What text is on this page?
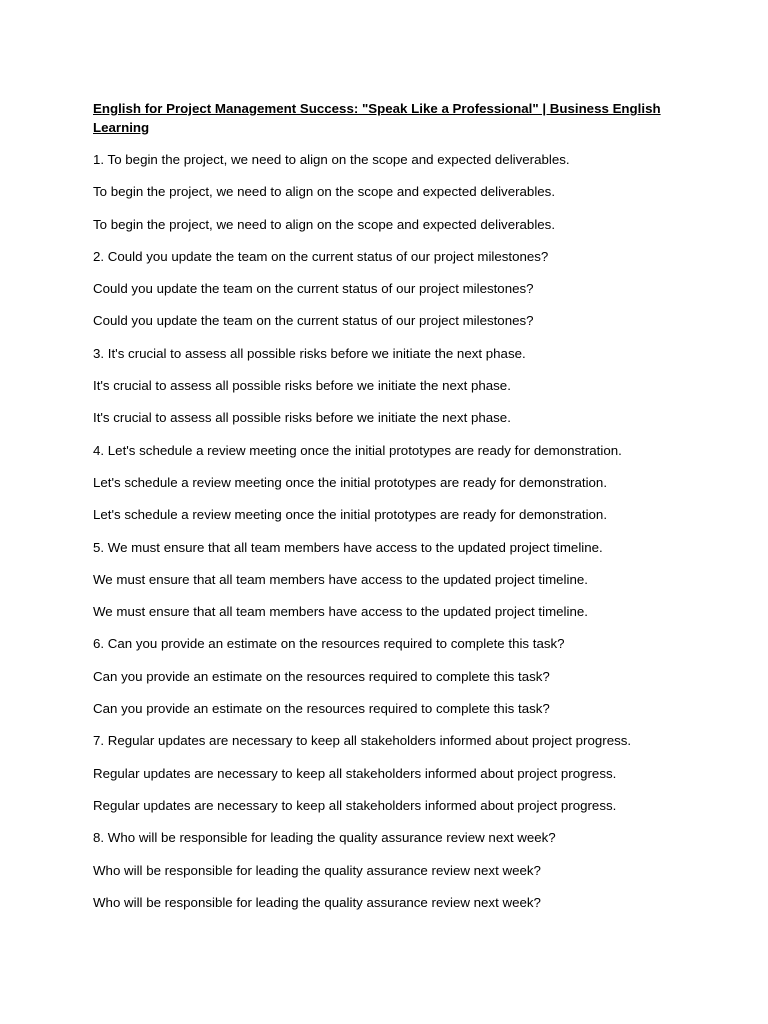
English for Project Management Success: "Speak Like a Professional" | Business English Learning
1. To begin the project, we need to align on the scope and expected deliverables.
To begin the project, we need to align on the scope and expected deliverables.
To begin the project, we need to align on the scope and expected deliverables.
2. Could you update the team on the current status of our project milestones?
Could you update the team on the current status of our project milestones?
Could you update the team on the current status of our project milestones?
3. It's crucial to assess all possible risks before we initiate the next phase.
It's crucial to assess all possible risks before we initiate the next phase.
It's crucial to assess all possible risks before we initiate the next phase.
4. Let's schedule a review meeting once the initial prototypes are ready for demonstration.
Let's schedule a review meeting once the initial prototypes are ready for demonstration.
Let's schedule a review meeting once the initial prototypes are ready for demonstration.
5. We must ensure that all team members have access to the updated project timeline.
We must ensure that all team members have access to the updated project timeline.
We must ensure that all team members have access to the updated project timeline.
6. Can you provide an estimate on the resources required to complete this task?
Can you provide an estimate on the resources required to complete this task?
Can you provide an estimate on the resources required to complete this task?
7. Regular updates are necessary to keep all stakeholders informed about project progress.
Regular updates are necessary to keep all stakeholders informed about project progress.
Regular updates are necessary to keep all stakeholders informed about project progress.
8. Who will be responsible for leading the quality assurance review next week?
Who will be responsible for leading the quality assurance review next week?
Who will be responsible for leading the quality assurance review next week?
